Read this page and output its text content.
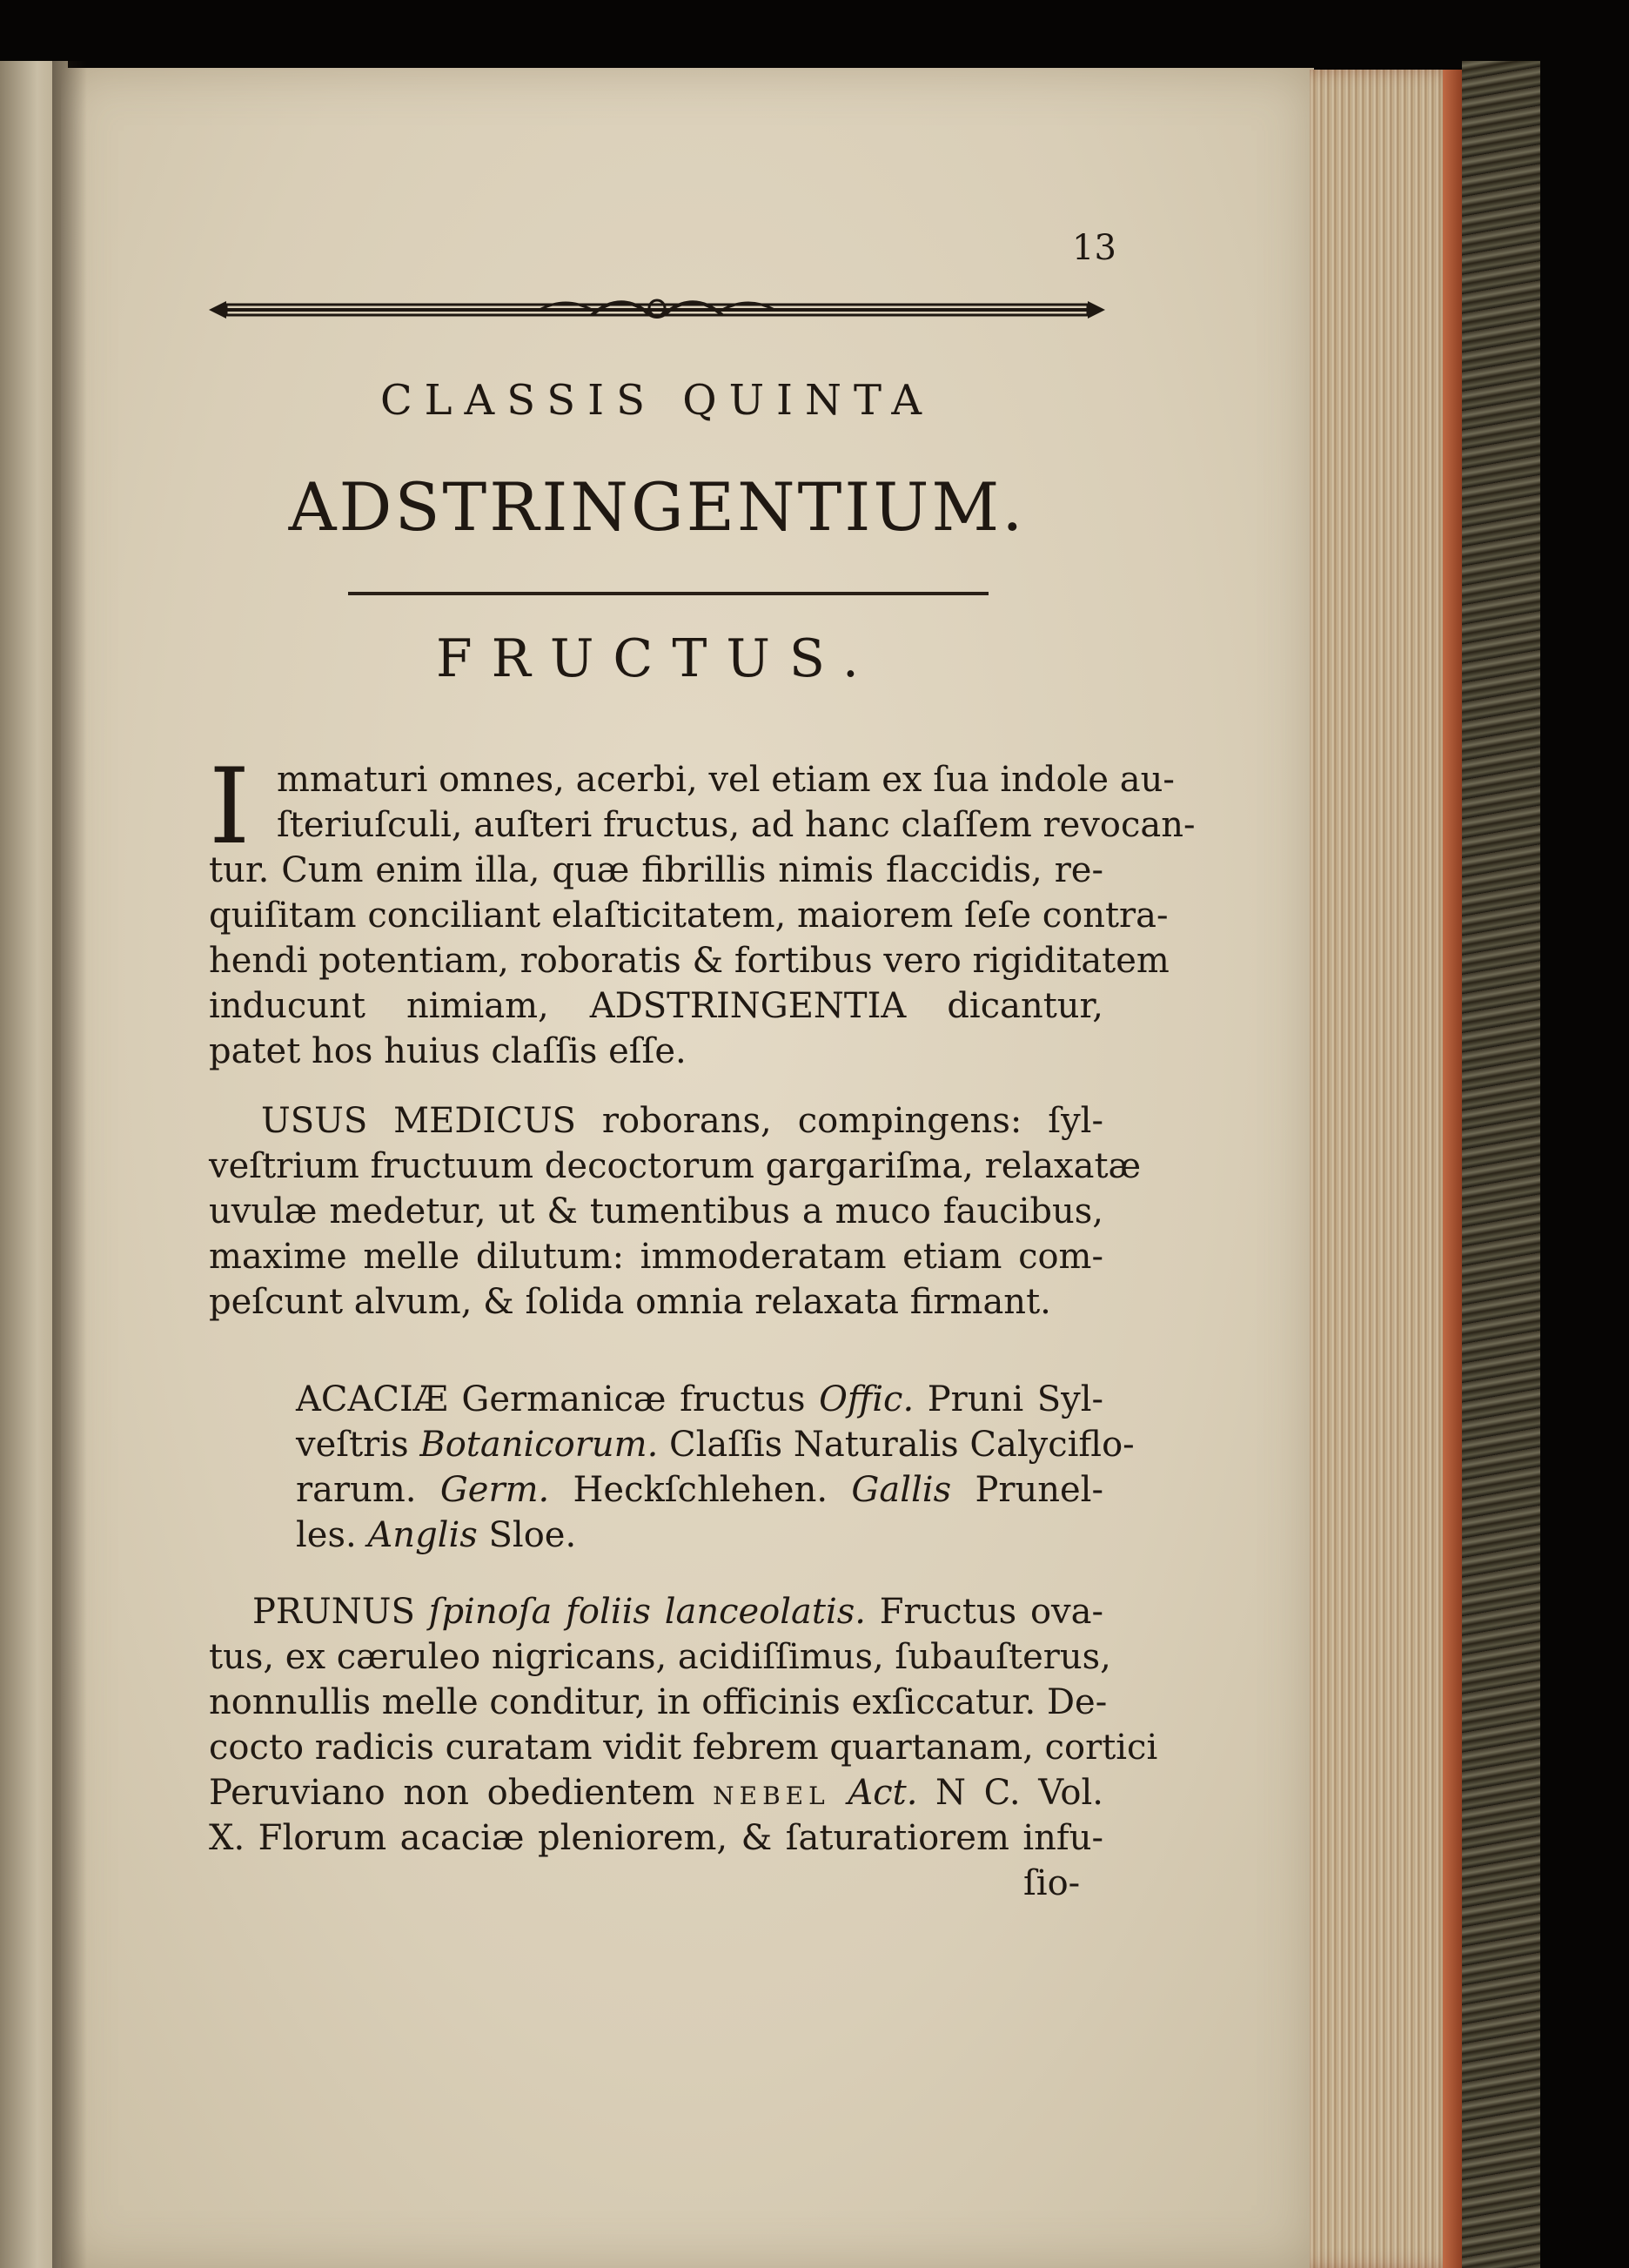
13

CLASSIS QUINTA

ADSTRINGENTIUM.

FRUCTUS.

I mmaturi omnes, acerbi, vel etiam ex ſua indole au-

ſteriuſculi, auſteri fructus, ad hanc claſſem revocan-

tur. Cum enim illa, quæ fibrillis nimis flaccidis, re-

quiſitam conciliant elaſticitatem, maiorem ſeſe contra-

hendi potentiam, roboratis & fortibus vero rigiditatem

inducunt nimiam, ADSTRINGENTIA dicantur,

patet hos huius claſſis eſſe.

USUS MEDICUS roborans, compingens: ſyl-

veſtrium fructuum decoctorum gargariſma, relaxatæ

uvulæ medetur, ut & tumentibus a muco faucibus,

maxime melle dilutum: immoderatam etiam com-

peſcunt alvum, & ſolida omnia relaxata firmant.

ACACIÆ Germanicæ fructus Offic. Pruni Syl-

veſtris Botanicorum. Claſſis Naturalis Calyciflo-

rarum. Germ. Heckſchlehen. Gallis Prunel-

les. Anglis Sloe.

PRUNUS ſpinoſa foliis lanceolatis. Fructus ova-

tus, ex cæruleo nigricans, acidiſſimus, ſubauſterus,

nonnullis melle conditur, in officinis exſiccatur. De-

cocto radicis curatam vidit febrem quartanam, cortici

Peruviano non obedientem NEBEL Act. N C. Vol.

X. Florum acaciæ pleniorem, & ſaturatiorem infu-

ſio-
